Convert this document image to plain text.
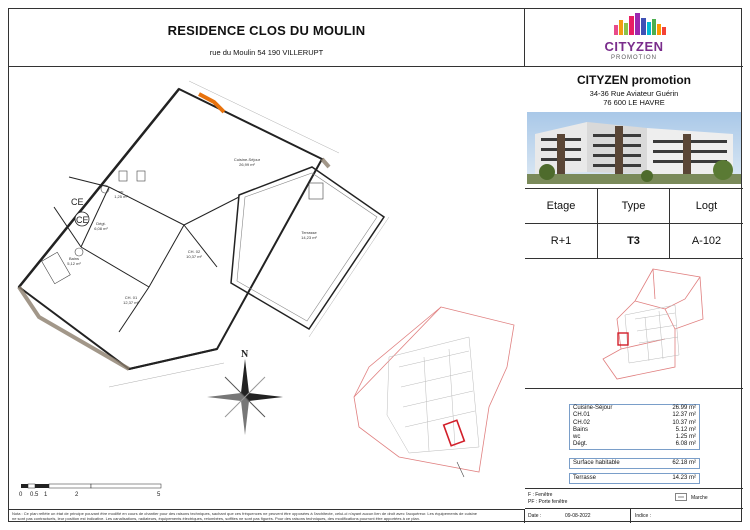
RESIDENCE CLOS DU MOULIN
rue du Moulin 54 190 VILLERUPT	CITYZEN
PROMOTION
CITYZEN promotion
34-36 Rue Aviateur Guérin
76 600 LE HAVRE
Etage	Type	Logt
R+1	T3	A-102
Cuisine-Séjour	26.99 m²
CH.01	12.37 m²
CH.02	10.37 m²
Bains	5.12 m²
wc	1.25 m²
Dégt.	6.08 m²
Surface habitable	62.18 m²
Terrasse	14.23 m²
F : Fenêtre
PF : Porte fenêtre
Marche
Cuisine-Séjour
26,99 m²
Terrasse
14,23 m²
CH. 02
10,37 m²
CH. 01
12,37 m²
Bains
5,12 m²
wc
1,25 m²
Dégt.
6,08 m²
CE
CE
N
0 0.5 1	2	5
Nota : Ce plan reflète un état de principe pouvant être modifié en cours de chantier pour des raisons techniques, sachant que ces fréquences ne peuvent être opposées à l'architecte, celui-ci n'ayant aucun lien de droit avec l'acquéreur. Les équipements de cuisine
ne sont pas contractuels, leur position est indicative. Les canalisations, radiateurs, équipements électriques, retombées, soffites ne sont pas figurés. Pour des raisons techniques, des modifications pourront être apportées à ce plan.	Date :	09-08-2022	Indice :
